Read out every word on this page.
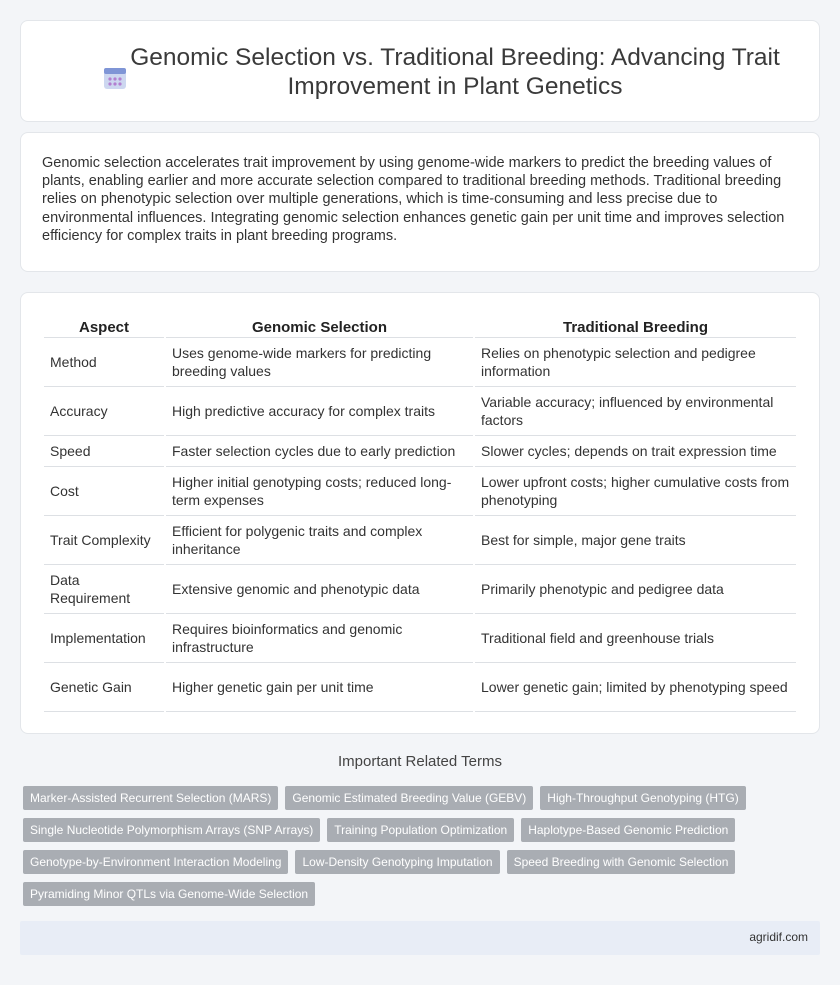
Genomic Selection vs. Traditional Breeding: Advancing Trait Improvement in Plant Genetics

Genomic selection accelerates trait improvement by using genome-wide markers to predict the breeding values of plants, enabling earlier and more accurate selection compared to traditional breeding methods. Traditional breeding relies on phenotypic selection over multiple generations, which is time-consuming and less precise due to environmental influences. Integrating genomic selection enhances genetic gain per unit time and improves selection efficiency for complex traits in plant breeding programs.

Aspect	Genomic Selection	Traditional Breeding
Method	Uses genome-wide markers for predicting breeding values	Relies on phenotypic selection and pedigree information
Accuracy	High predictive accuracy for complex traits	Variable accuracy; influenced by environmental factors
Speed	Faster selection cycles due to early prediction	Slower cycles; depends on trait expression time
Cost	Higher initial genotyping costs; reduced long-term expenses	Lower upfront costs; higher cumulative costs from phenotyping
Trait Complexity	Efficient for polygenic traits and complex inheritance	Best for simple, major gene traits
Data Requirement	Extensive genomic and phenotypic data	Primarily phenotypic and pedigree data
Implementation	Requires bioinformatics and genomic infrastructure	Traditional field and greenhouse trials
Genetic Gain	Higher genetic gain per unit time	Lower genetic gain; limited by phenotyping speed
Important Related Terms
Marker-Assisted Recurrent Selection (MARS)	Genomic Estimated Breeding Value (GEBV)	High-Throughput Genotyping (HTG)
Single Nucleotide Polymorphism Arrays (SNP Arrays)	Training Population Optimization	Haplotype-Based Genomic Prediction
Genotype-by-Environment Interaction Modeling	Low-Density Genotyping Imputation	Speed Breeding with Genomic Selection
Pyramiding Minor QTLs via Genome-Wide Selection
agridif.com
